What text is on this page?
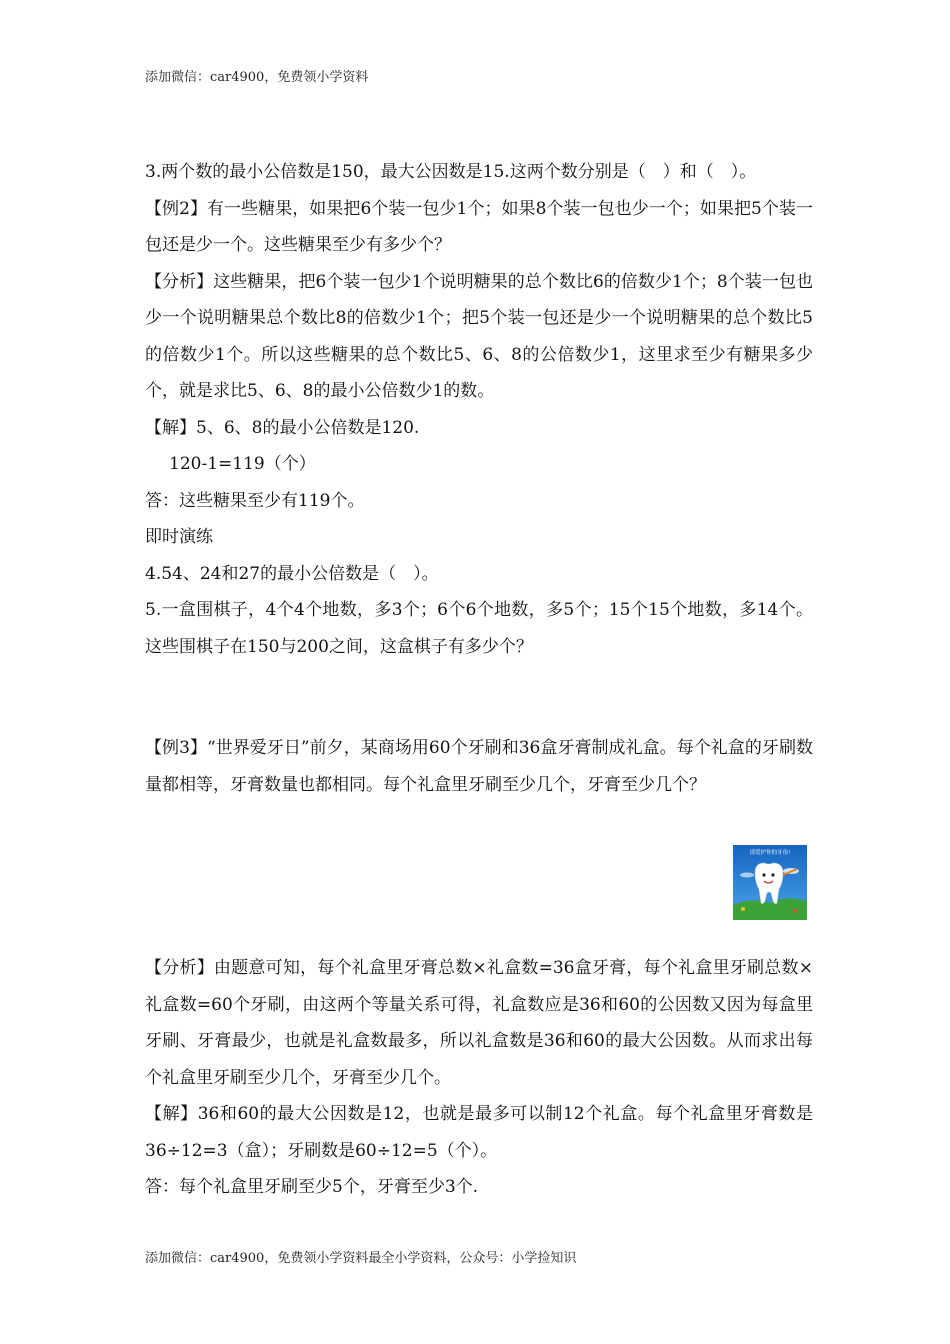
添加微信：car4900，免费领小学资料

3.两个数的最小公倍数是150，最大公因数是15.这两个数分别是（　）和（　）。

【例2】有一些糖果，如果把6个装一包少1个；如果8个装一包也少一个；如果把5个装一包还是少一个。这些糖果至少有多少个？

【分析】这些糖果，把6个装一包少1个说明糖果的总个数比6的倍数少1个；8个装一包也少一个说明糖果总个数比8的倍数少1个；把5个装一包还是少一个说明糖果的总个数比5的倍数少1个。所以这些糖果的总个数比5、6、8的公倍数少1，这里求至少有糖果多少个，就是求比5、6、8的最小公倍数少1的数。

【解】5、6、8的最小公倍数是120.

120-1=119（个）

答：这些糖果至少有119个。

即时演练

4.54、24和27的最小公倍数是（　）。

5.一盒围棋子，4个4个地数，多3个；6个6个地数，多5个；15个15个地数，多14个。这些围棋子在150与200之间，这盒棋子有多少个？

【例3】“世界爱牙日”前夕，某商场用60个牙刷和36盒牙膏制成礼盒。每个礼盒的牙刷数量都相等，牙膏数量也都相同。每个礼盒里牙刷至少几个，牙膏至少几个？

请爱护你的牙齿!

【分析】由题意可知，每个礼盒里牙膏总数×礼盒数=36盒牙膏，每个礼盒里牙刷总数×礼盒数=60个牙刷，由这两个等量关系可得，礼盒数应是36和60的公因数又因为每盒里牙刷、牙膏最少，也就是礼盒数最多，所以礼盒数是36和60的最大公因数。从而求出每个礼盒里牙刷至少几个，牙膏至少几个。

【解】36和60的最大公因数是12，也就是最多可以制12个礼盒。每个礼盒里牙膏数是36÷12=3（盒）；牙刷数是60÷12=5（个）。

答：每个礼盒里牙刷至少5个，牙膏至少3个.

添加微信：car4900，免费领小学资料最全小学资料，公众号：小学捡知识
